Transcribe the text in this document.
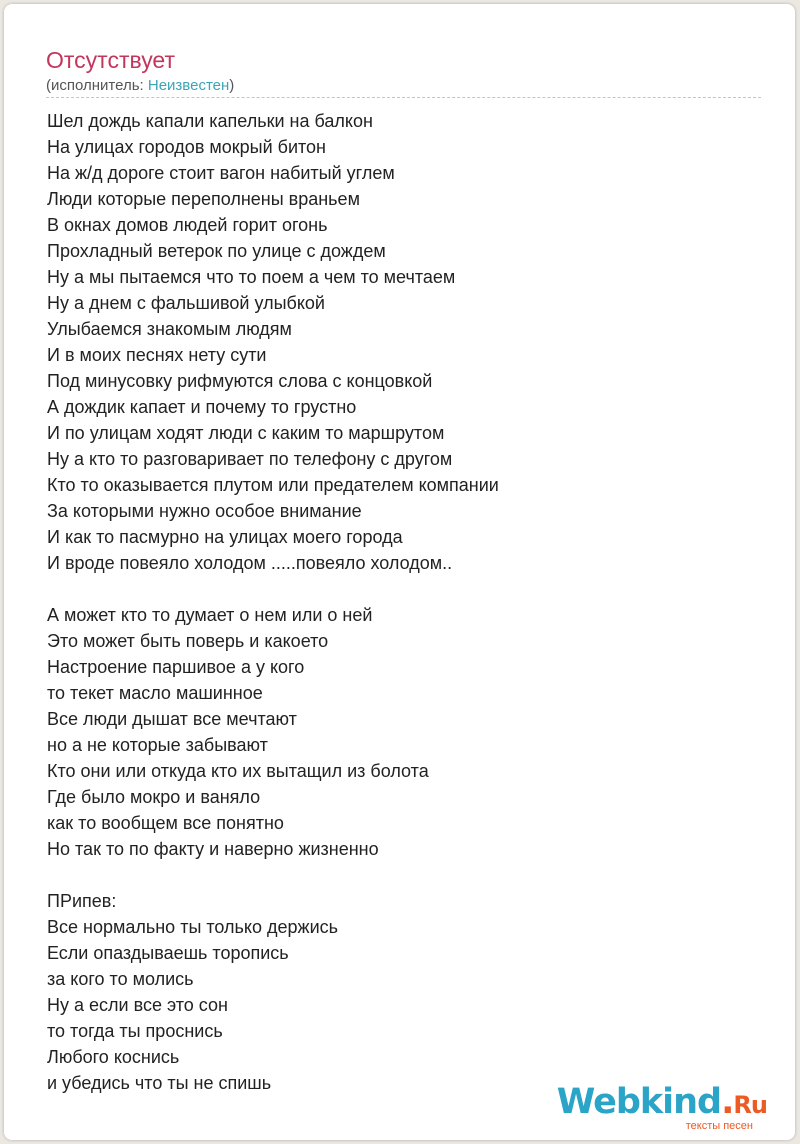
Отсутствует
(исполнитель: Неизвестен)
Шел дождь капали капельки на балкон
На улицах городов мокрый битон
На ж/д дороге стоит вагон набитый углем
Люди которые переполнены враньем
В окнах домов людей горит огонь
Прохладный ветерок по улице с дождем
Ну а мы пытаемся что то поем а чем то мечтаем
Ну а днем с фальшивой улыбкой
Улыбаемся знакомым людям
И в моих песнях нету сути
Под минусовку рифмуются слова с концовкой
А дождик капает и почему то грустно
И по улицам ходят люди с каким то маршрутом
Ну а кто то разговаривает по телефону с другом
Кто то оказывается плутом или предателем компании
За которыми нужно особое внимание
И как то пасмурно на улицах моего города
И вроде повеяло холодом .....повеяло холодом..
А может кто то думает о нем или о ней
Это может быть поверь и какоето
Настроение паршивое а у кого
то текет масло машинное
Все люди дышат все мечтают
но а не которые забывают
Кто они или откуда кто их вытащил из болота
Где было мокро и ваняло
как то вообщем все понятно
Но так то по факту и наверно жизненно
ПРипев:
Все нормально ты только держись
Если опаздываешь торопись
за кого то молись
Ну а если все это сон
то тогда ты проснись
Любого коснись
и убедись что ты не спишь	Webkind.Ru
тексты песен
